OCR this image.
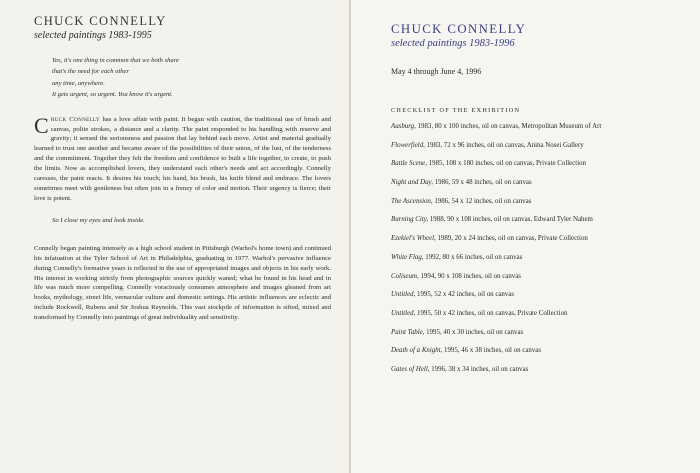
CHUCK CONNELLY
selected paintings 1983-1995
Yes, it's one thing in common that we both share
that's the need for each other
any time, anywhere.
It gets urgent, so urgent. You know it's urgent.

Chuck Connelly has a love affair with paint. It began with caution, the traditional use of brush and canvas, polite strokes, a distance and a clarity. The paint responded to his handling with reserve and gravity; it sensed the seriousness and passion that lay behind each move. Artist and material gradually learned to trust one another and became aware of the possibilities of their union, of the lust, of the tenderness and the commitment. Together they felt the freedom and confidence to built a life together, to create, to push the limits. Now as accomplished lovers, they understand each other's needs and act accordingly. Connelly caresses, the paint reacts. It desires his touch; his hand, his brush, his knife blend and embrace. The lovers sometimes meet with gentleness but often join in a frenzy of color and motion. Their urgency is fierce; their love is potent.

So I close my eyes and look inside.

Connelly began painting intensely as a high school student in Pittsburgh (Warhol's home town) and continued his infatuation at the Tyler School of Art in Philadelphia, graduating in 1977. Warhol's pervasive influence during Connelly's formative years is reflected in the use of appropriated images and objects in his early work. His interest in working strictly from photographic sources quickly waned; what he found in his head and in life was much more compelling. Connelly voraciously consumes atmosphere and images gleaned from art books, mythology, street life, vernacular culture and domestic settings. His artistic influences are eclectic and include Rockwell, Rubens and Sir Joshua Reynolds. This vast stockpile of information is sifted, mixed and transformed by Connelly into paintings of great individuality and sensitivity.

CHUCK CONNELLY
selected paintings 1983-1996
May 4 through June 4, 1996
CHECKLIST OF THE EXHIBITION
Ausburg, 1983, 80 x 100 inches, oil on canvas, Metropolitan Museum of Art
Flowerfield, 1983, 72 x 96 inches, oil on canvas, Anina Nosei Gallery
Battle Scene, 1985, 108 x 180 inches, oil on canvas, Private Collection
Night and Day, 1986, 59 x 48 inches, oil on canvas
The Ascension, 1986, 54 x 12 inches, oil on canvas
Burning City, 1988, 90 x 108 inches, oil on canvas, Edward Tyler Nahem
Ezekiel's Wheel, 1989, 20 x 24 inches, oil on canvas, Private Collection
White Flag, 1992, 80 x 66 inches, oil on canvas
Coliseum, 1994, 90 x 108 inches, oil on canvas
Untitled, 1995, 52 x 42 inches, oil on canvas
Untitled, 1995, 50 x 42 inches, oil on canvas, Private Collection
Paint Table, 1995, 40 x 30 inches, oil on canvas
Death of a Knight, 1995, 46 x 38 inches, oil on canvas
Gates of Hell, 1996, 38 x 34 inches, oil on canvas
